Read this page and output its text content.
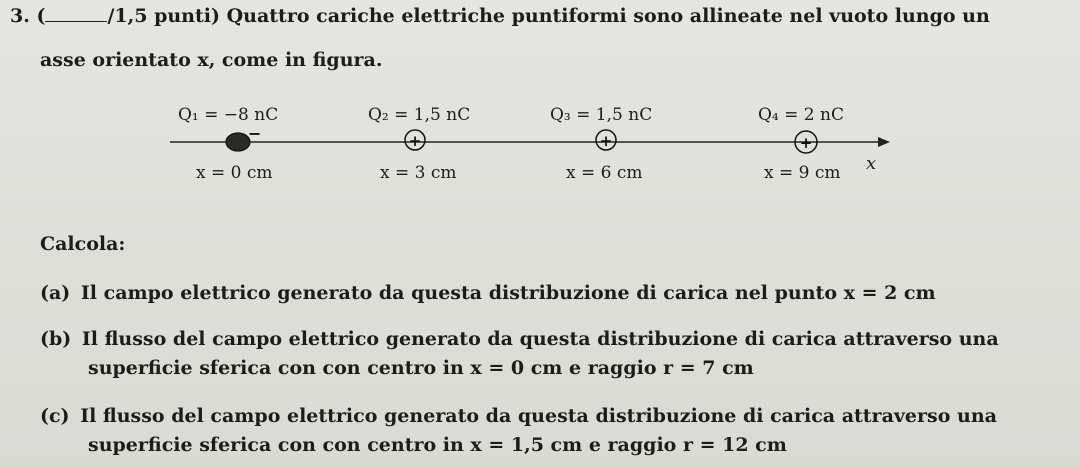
3. (	/1,5 punti) Quattro cariche elettriche puntiformi sono allineate nel vuoto lungo un
asse orientato x, come in figura.
x
Q₁ = −8 nC
−
x = 0 cm
Q₂ = 1,5 nC
+
x = 3 cm
Q₃ = 1,5 nC
+
x = 6 cm
Q₄ = 2 nC
+
x = 9 cm
Calcola:
(a) Il campo elettrico generato da questa distribuzione di carica nel punto x = 2 cm
(b) Il flusso del campo elettrico generato da questa distribuzione di carica attraverso una
superficie sferica con con centro in x = 0 cm e raggio r = 7 cm
(c) Il flusso del campo elettrico generato da questa distribuzione di carica attraverso una
superficie sferica con con centro in x = 1,5 cm e raggio r = 12 cm
